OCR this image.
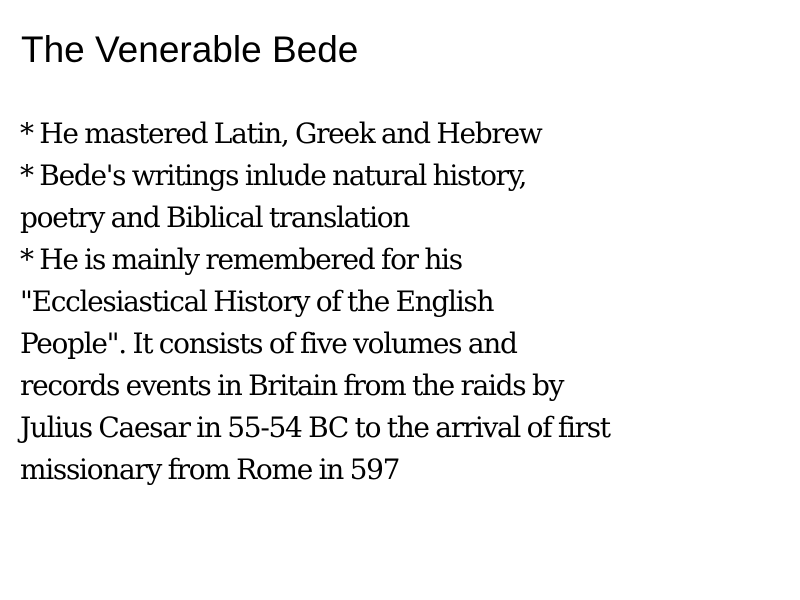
The Venerable Bede
* He mastered Latin, Greek and Hebrew
* Bede's writings inlude natural history,
poetry and Biblical translation
* He is mainly remembered for his
"Ecclesiastical History of the English
People". It consists of five volumes and
records events in Britain from the raids by
Julius Caesar in 55-54 BC to the arrival of first
missionary from Rome in 597
